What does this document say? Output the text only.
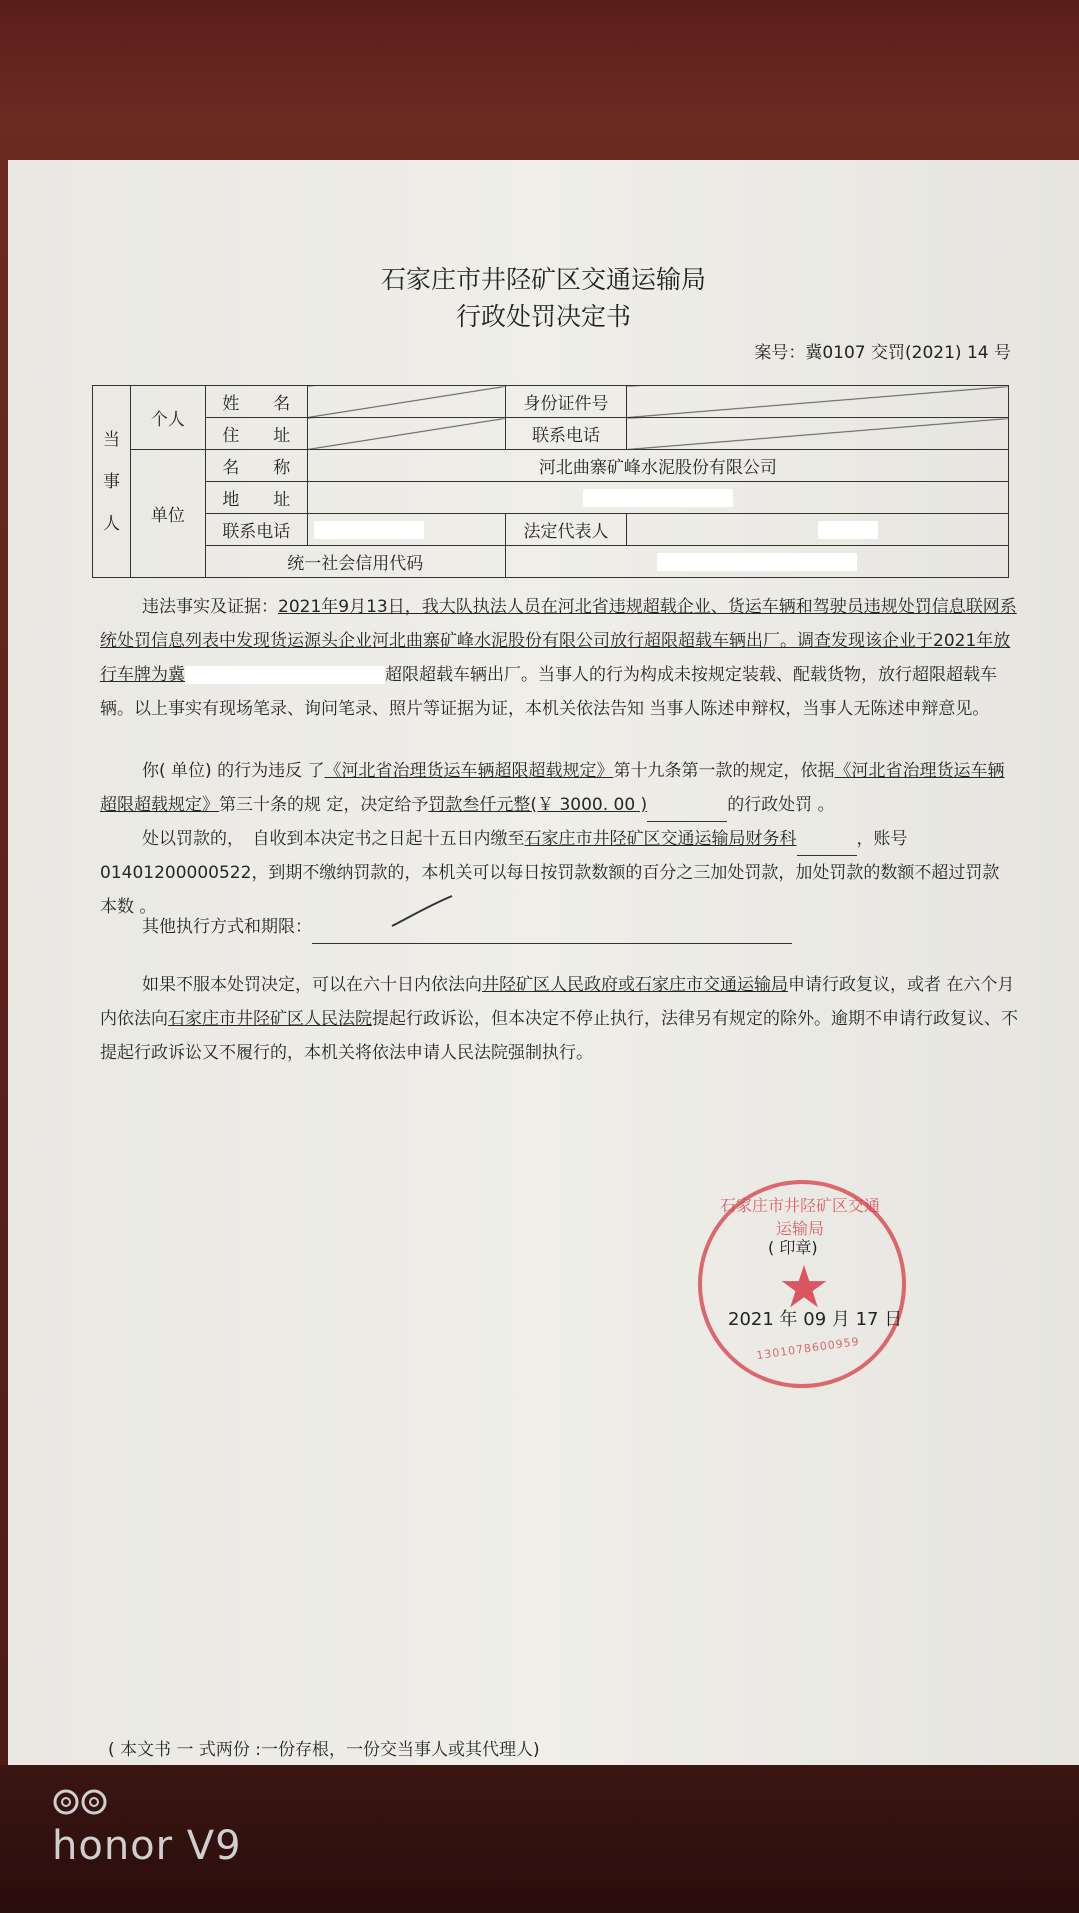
石家庄市井陉矿区交通运输局
行政处罚决定书
案号：冀0107 交罚(2021) 14 号
当
事
人	个人	姓　　名		身份证件号	
		住　　址		联系电话	
	单位	名　　称	河北曲寨矿峰水泥股份有限公司		
		地　　址			
		联系电话		法定代表人	
		统一社会信用代码			
违法事实及证据：2021年9月13日，我大队执法人员在河北省违规超载企业、货运车辆和驾驶员违规处罚信息联网系统处罚信息列表中发现货运源头企业河北曲寨矿峰水泥股份有限公司放行超限超载车辆出厂。调查发现该企业于2021年放行车牌为冀	超限超载车辆出厂。当事人的行为构成未按规定装载、配载货物，放行超限超载车辆。以上事实有现场笔录、询问笔录、照片等证据为证，本机关依法告知 当事人陈述申辩权，当事人无陈述申辩意见。
你( 单位) 的行为违反 了《河北省治理货运车辆超限超载规定》第十九条第一款的规定，依据《河北省治理货运车辆超限超载规定》第三十条的规 定，决定给予罚款叁仟元整(￥ 3000. 00 )	的行政处罚 。
处以罚款的，　自收到本决定书之日起十五日内缴至石家庄市井陉矿区交通运输局财务科	，账号
01401200000522，到期不缴纳罚款的，本机关可以每日按罚款数额的百分之三加处罚款，加处罚款的数额不超过罚款 本数 。
其他执行方式和期限：
如果不服本处罚决定，可以在六十日内依法向井陉矿区人民政府或石家庄市交通运输局申请行政复议，或者 在六个月内依法向石家庄市井陉矿区人民法院提起行政诉讼，但本决定不停止执行，法律另有规定的除外。逾期不申请行政复议、不提起行政诉讼又不履行的，本机关将依法申请人民法院强制执行。
石家庄市井陉矿区交通运输局
( 印章)
★
2021 年 09 月 17 日
1301078600959
( 本文书 一 式两份 :一份存根，一份交当事人或其代理人)
honor V9
